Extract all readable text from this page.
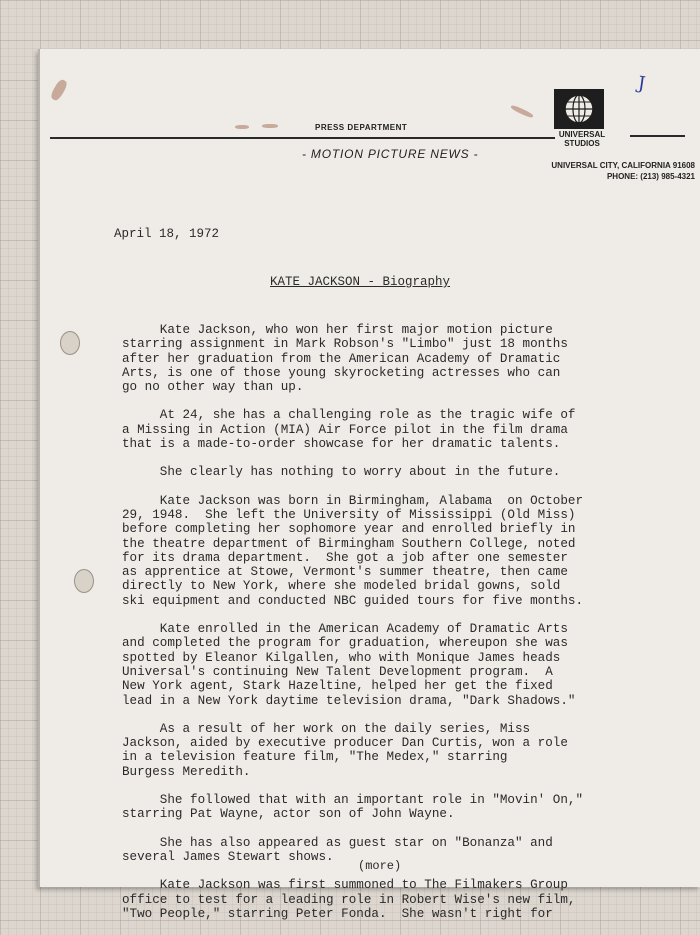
J
PRESS DEPARTMENT
- MOTION PICTURE NEWS -
UNIVERSAL
STUDIOS
UNIVERSAL CITY, CALIFORNIA 91608
PHONE: (213) 985-4321
April 18, 1972
KATE JACKSON - Biography

Kate Jackson, who won her first major motion picture
starring assignment in Mark Robson's "Limbo" just 18 months
after her graduation from the American Academy of Dramatic
Arts, is one of those young skyrocketing actresses who can
go no other way than up.

At 24, she has a challenging role as the tragic wife of
a Missing in Action (MIA) Air Force pilot in the film drama
that is a made-to-order showcase for her dramatic talents.

She clearly has nothing to worry about in the future.

Kate Jackson was born in Birmingham, Alabama  on October
29, 1948.  She left the University of Mississippi (Old Miss)
before completing her sophomore year and enrolled briefly in
the theatre department of Birmingham Southern College, noted
for its drama department.  She got a job after one semester
as apprentice at Stowe, Vermont's summer theatre, then came
directly to New York, where she modeled bridal gowns, sold
ski equipment and conducted NBC guided tours for five months.

Kate enrolled in the American Academy of Dramatic Arts
and completed the program for graduation, whereupon she was
spotted by Eleanor Kilgallen, who with Monique James heads
Universal's continuing New Talent Development program.  A
New York agent, Stark Hazeltine, helped her get the fixed
lead in a New York daytime television drama, "Dark Shadows."

As a result of her work on the daily series, Miss
Jackson, aided by executive producer Dan Curtis, won a role
in a television feature film, "The Medex," starring
Burgess Meredith.

She followed that with an important role in "Movin' On,"
starring Pat Wayne, actor son of John Wayne.

She has also appeared as guest star on "Bonanza" and
several James Stewart shows.

Kate Jackson was first summoned to The Filmakers Group
office to test for a leading role in Robert Wise's new film,
"Two People," starring Peter Fonda.  She wasn't right for

(more)
